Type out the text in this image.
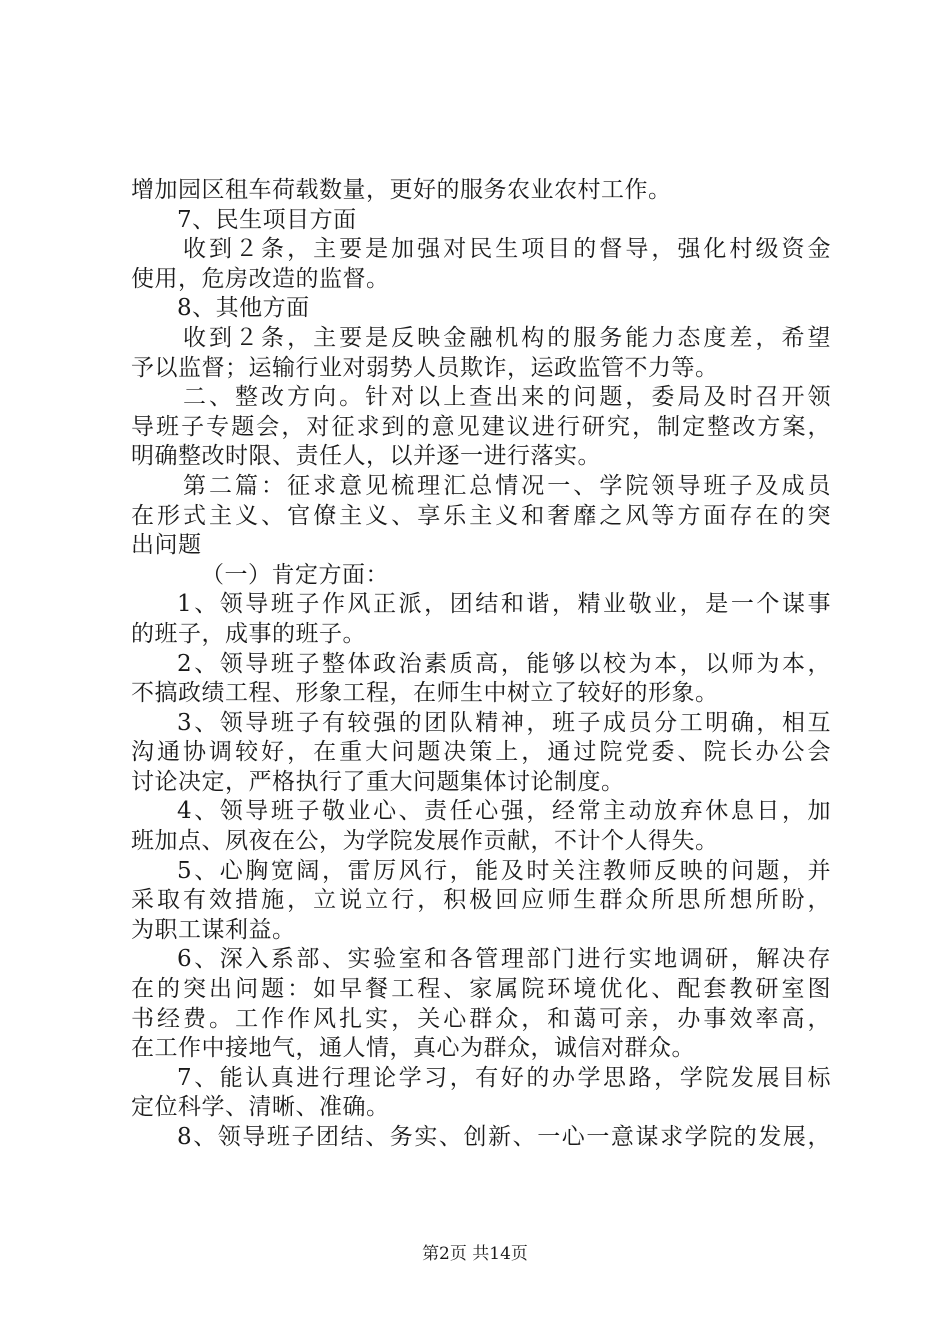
增加园区租车荷载数量，更好的服务农业农村工作。
7、民生项目方面
收到２条，主要是加强对民生项目的督导，强化村级资金
使用，危房改造的监督。
8、其他方面
收到２条，主要是反映金融机构的服务能力态度差，希望
予以监督；运输行业对弱势人员欺诈，运政监管不力等。
二、整改方向。针对以上查出来的问题，委局及时召开领
导班子专题会，对征求到的意见建议进行研究，制定整改方案，
明确整改时限、责任人，以并逐一进行落实。
第二篇：征求意见梳理汇总情况一、学院领导班子及成员
在形式主义、官僚主义、享乐主义和奢靡之风等方面存在的突
出问题
（一）肯定方面：
1、领导班子作风正派，团结和谐，精业敬业，是一个谋事
的班子，成事的班子。
2、领导班子整体政治素质高，能够以校为本，以师为本，
不搞政绩工程、形象工程，在师生中树立了较好的形象。
3、领导班子有较强的团队精神，班子成员分工明确，相互
沟通协调较好，在重大问题决策上，通过院党委、院长办公会
讨论决定，严格执行了重大问题集体讨论制度。
4、领导班子敬业心、责任心强，经常主动放弃休息日，加
班加点、夙夜在公，为学院发展作贡献，不计个人得失。
5、心胸宽阔，雷厉风行，能及时关注教师反映的问题，并
采取有效措施，立说立行，积极回应师生群众所思所想所盼，
为职工谋利益。
6、深入系部、实验室和各管理部门进行实地调研，解决存
在的突出问题：如早餐工程、家属院环境优化、配套教研室图
书经费。工作作风扎实，关心群众，和蔼可亲，办事效率高，
在工作中接地气，通人情，真心为群众，诚信对群众。
7、能认真进行理论学习，有好的办学思路，学院发展目标
定位科学、清晰、准确。
8、领导班子团结、务实、创新、一心一意谋求学院的发展，
第2页 共14页
